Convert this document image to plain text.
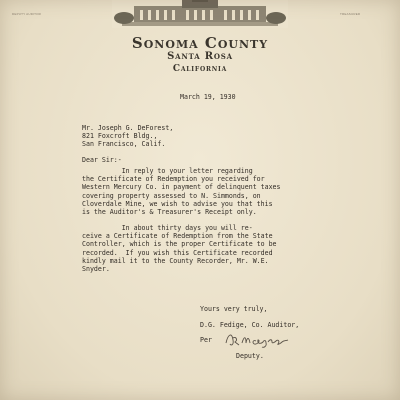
DEPUTY AUDITOR	TREASURER
Sonoma County
Santa Rosa
California
March 19, 1930
Mr. Joseph G. DeForest,
821 Foxcroft Bldg.,
San Francisco, Calif.
Dear Sir:-
In reply to your letter regarding
the Certificate of Redemption you received for
Western Mercury Co. in payment of delinquent taxes
covering property assessed to N. Simmonds, on
Cloverdale Mine, we wish to advise you that this
is the Auditor's & Treasurer's Receipt only.
In about thirty days you will re-
ceive a Certificate of Redemption from the State
Controller, which is the proper Certificate to be
recorded.  If you wish this Certificate recorded
kindly mail it to the County Recorder, Mr. W.E.
Snyder.
Yours very truly,
D.G. Fedige, Co. Auditor,
Per
Deputy.
